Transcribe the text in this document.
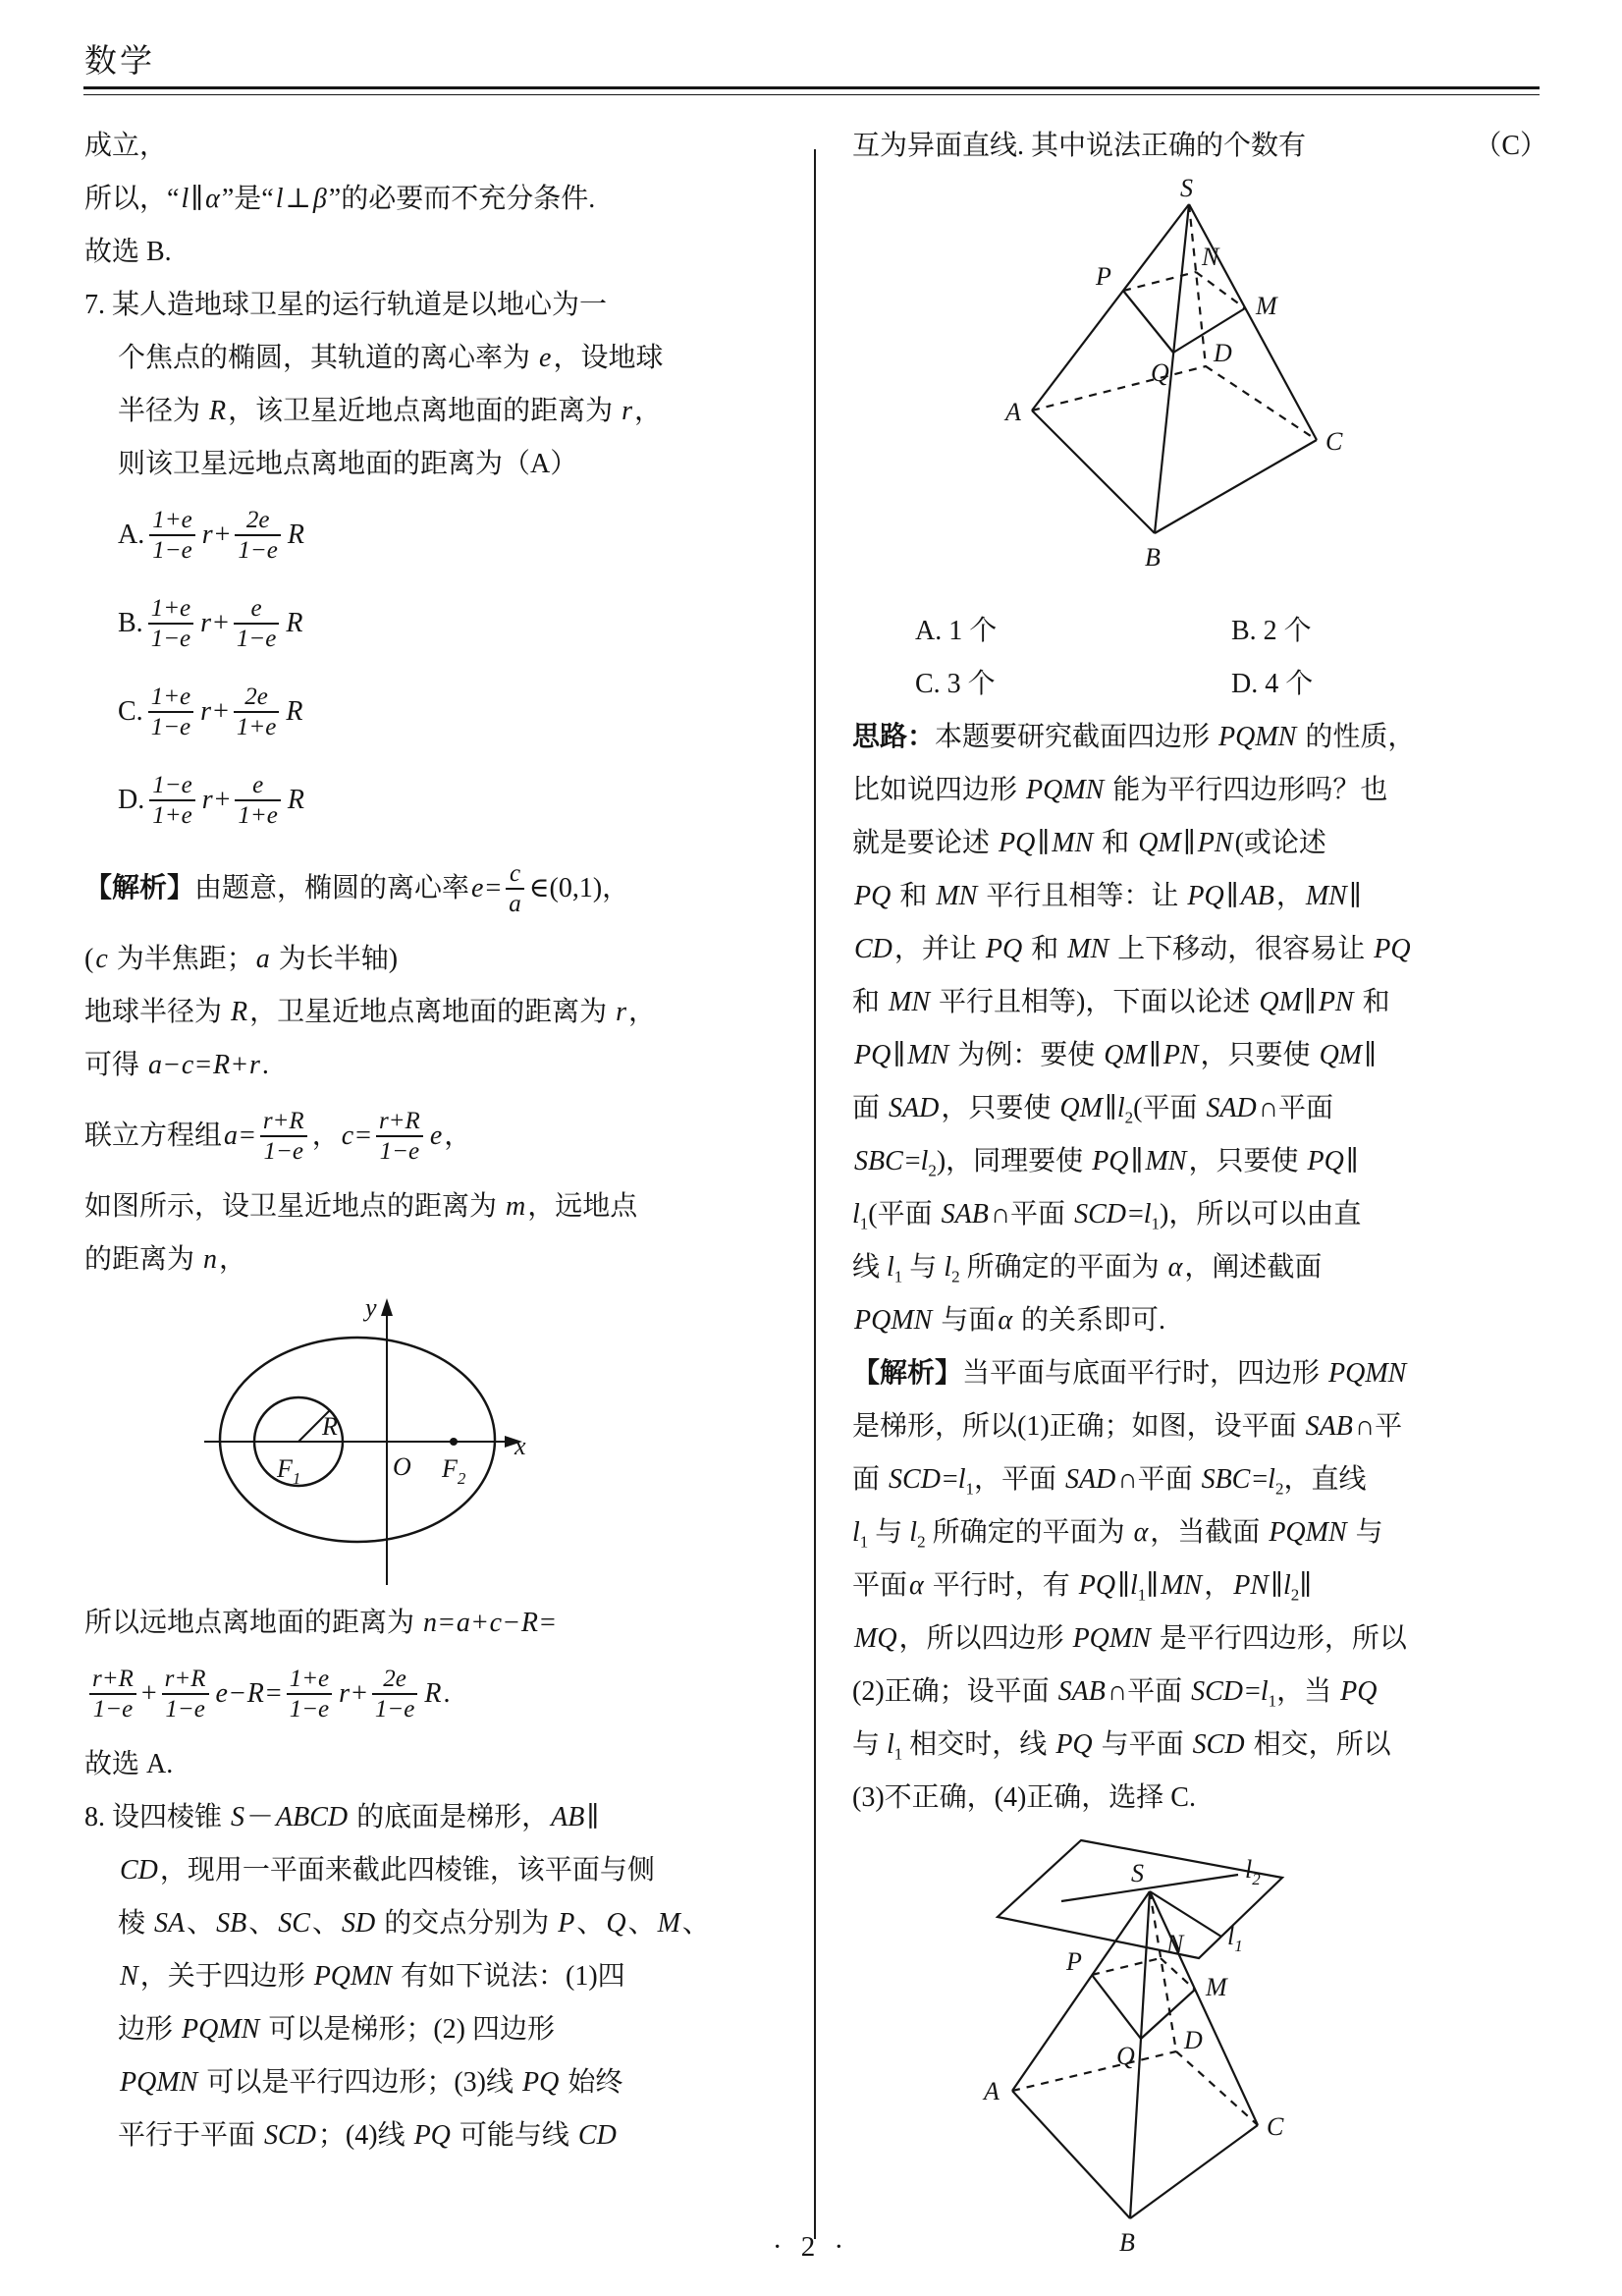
数学
成立，
所以，“l∥α”是“l⊥β”的必要而不充分条件.
故选 B.
7. 某人造地球卫星的运行轨道是以地心为一
个焦点的椭圆，其轨道的离心率为 e，设地球
半径为 R，该卫星近地点离地面的距离为 r，
则该卫星远地点离地面的距离为 （A）
A. $\frac{1+e}{1-e}$ $r + \frac{2e}{1-e}$ R
B. $\frac{1+e}{1-e}$ $r + \frac{e}{1-e}$ R
C. $\frac{1+e}{1-e}$ $r + \frac{2e}{1+e}$ R
D. $\frac{1-e}{1+e}$ $r + \frac{e}{1+e}$ R
【解析】 由题意，椭圆的离心率 $e = \frac{c}{a}$ ∈(0,1)，
(c 为半焦距；a 为长半轴)
地球半径为 R，卫星近地点离地面的距离为 r，
可得 a−c=R+r.
联立方程组 $a = \frac{r+R}{1-e}$ ， $c = \frac{r+R}{1-e}$ e ，
如图所示，设卫星近地点的距离为 m，远地点
的距离为 n，
x
y
R
O
$F_1$	$F_2$
所以远地点离地面的距离为 n=a+c−R=
$\frac{r+R}{1-e} + \frac{r+R}{1-e}$ $e - R = \frac{1+e}{1-e}$ $r + \frac{2e}{1-e}$ R .
故选 A.
8. 设四棱锥 S－ABCD 的底面是梯形，AB∥
CD，现用一平面来截此四棱锥，该平面与侧
棱 SA、SB、SC、SD 的交点分别为 P、Q、M、
N，关于四边形 PQMN 有如下说法：(1)四
边形 PQMN 可以是梯形；(2) 四边形
PQMN 可以是平行四边形；(3)线 PQ 始终
平行于平面 SCD；(4)线 PQ 可能与线 CD
互为异面直线. 其中说法正确的个数有	（C）
S
P
N
Q
M
D
A
B
C
A. 1 个	B. 2 个
C. 3 个	D. 4 个
思路：本题要研究截面四边形 PQMN 的性质，
比如说四边形 PQMN 能为平行四边形吗？也
就是要论述 PQ∥MN 和 QM∥PN(或论述
PQ 和 MN 平行且相等：让 PQ∥AB，MN∥
CD，并让 PQ 和 MN 上下移动，很容易让 PQ
和 MN 平行且相等)，下面以论述 QM∥PN 和
PQ∥MN 为例：要使 QM∥PN，只要使 QM∥
面 SAD，只要使 $QM\parallel l_2$(平面 SAD∩平面
$SBC=l_2$)，同理要使 PQ∥MN，只要使 PQ∥
$l_1$(平面 SAB∩平面 $SCD=l_1$)，所以可以由直
线 $l_1$ 与 $l_2$ 所确定的平面为 α，阐述截面
PQMN 与面α 的关系即可.
【解析】当平面与底面平行时，四边形 PQMN
是梯形，所以(1)正确；如图，设平面 SAB∩平
面 $SCD=l_1$，平面 SAD∩平面 $SBC=l_2$，直线
$l_1$ 与 $l_2$ 所确定的平面为 α，当截面 PQMN 与
平面α 平行时，有 $PQ\parallel l_1\parallel MN$，$PN\parallel l_2\parallel$
MQ，所以四边形 PQMN 是平行四边形，所以
(2)正确；设平面 SAB∩平面 $SCD=l_1$，当 PQ
与 $l_1$ 相交时，线 PQ 与平面 SCD 相交，所以
(3)不正确，(4)正确，选择 C.
S	$l_2$
$l_1$
P
N
Q
M
D
A
B
C
· 2 ·
